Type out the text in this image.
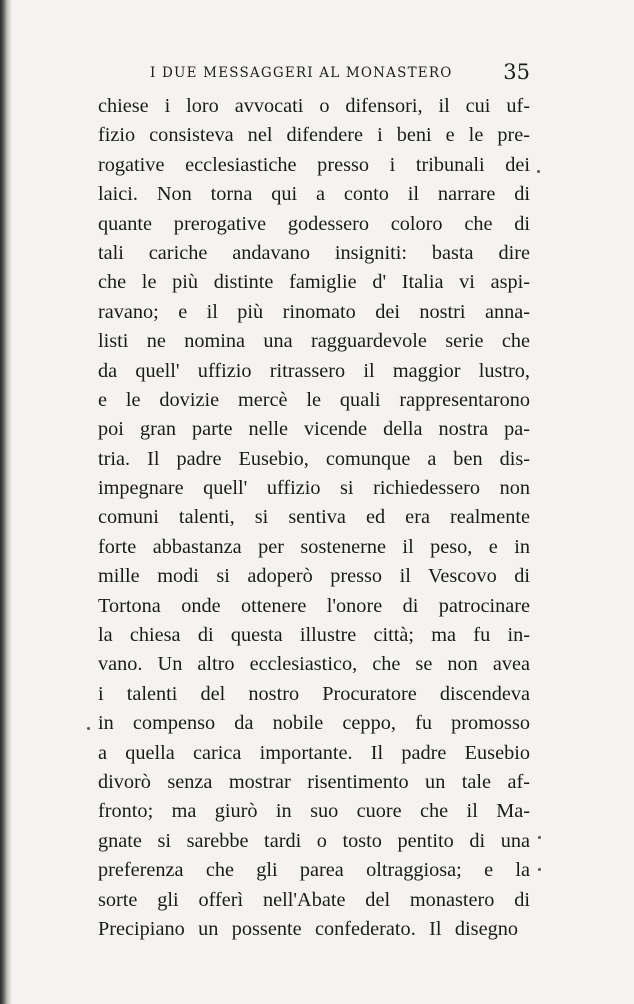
I DUE MESSAGGERI AL MONASTERO 35
chiese i loro avvocati o difensori, il cui uf-
fizio consisteva nel difendere i beni e le pre-
rogative ecclesiastiche presso i tribunali dei
laici. Non torna qui a conto il narrare di
quante prerogative godessero coloro che di
tali cariche andavano insigniti: basta dire
che le più distinte famiglie d' Italia vi aspi-
ravano; e il più rinomato dei nostri anna-
listi ne nomina una ragguardevole serie che
da quell' uffizio ritrassero il maggior lustro,
e le dovizie mercè le quali rappresentarono
poi gran parte nelle vicende della nostra pa-
tria. Il padre Eusebio, comunque a ben dis-
impegnare quell' uffizio si richiedessero non
comuni talenti, si sentiva ed era realmente
forte abbastanza per sostenerne il peso, e in
mille modi si adoperò presso il Vescovo di
Tortona onde ottenere l'onore di patrocinare
la chiesa di questa illustre città; ma fu in-
vano. Un altro ecclesiastico, che se non avea
i talenti del nostro Procuratore discendeva
in compenso da nobile ceppo, fu promosso
a quella carica importante. Il padre Eusebio
divorò senza mostrar risentimento un tale af-
fronto; ma giurò in suo cuore che il Ma-
gnate si sarebbe tardi o tosto pentito di una
preferenza che gli parea oltraggiosa; e la
sorte gli offerì nell'Abate del monastero di
Precipiano un possente confederato. Il disegno
